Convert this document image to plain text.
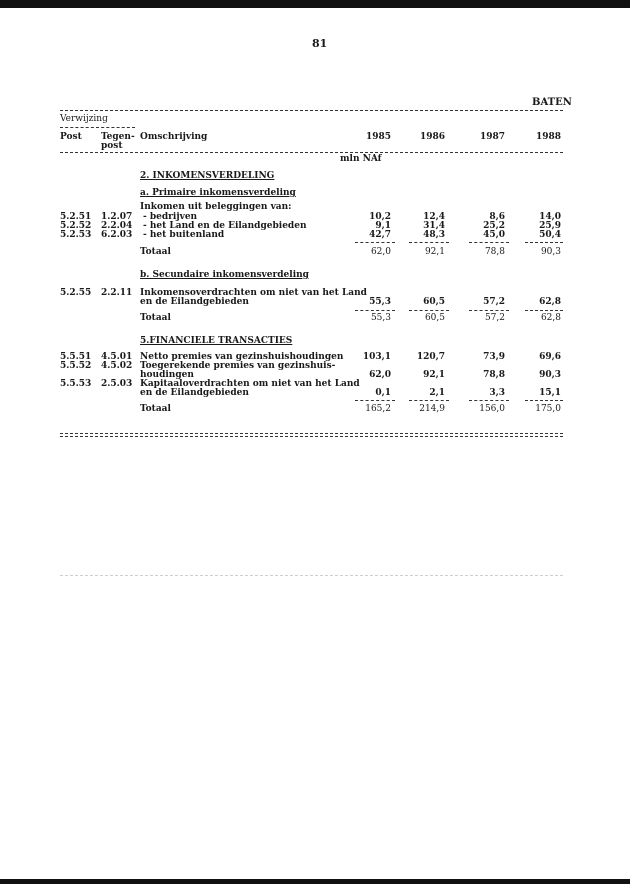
81
BATEN
Verwijzing
Post Tegen-
post
Omschrijving	1985	1986	1987	1988
mln NAf
2. INKOMENSVERDELING
a. Primaire inkomensverdeling
Inkomen uit beleggingen van:
5.2.51 1.2.07 - bedrijven	10,2	12,4	8,6	14,0
5.2.52 2.2.04 - het Land en de Eilandgebieden	9,1	31,4	25,2	25,9
5.2.53 6.2.03 - het buitenland	42,7	48,3	45,0	50,4
Totaal	62,0	92,1	78,8	90,3
b. Secundaire inkomensverdeling
5.2.55 2.2.11 Inkomensoverdrachten om niet van het Land
en de Eilandgebieden	55,3	60,5	57,2	62,8
Totaal	55,3	60,5	57,2	62,8
5.FINANCIELE TRANSACTIES
5.5.51 4.5.01 Netto premies van gezinshuishoudingen	103,1	120,7	73,9	69,6
5.5.52 4.5.02 Toegerekende premies van gezinshuis-
houdingen	62,0	92,1	78,8	90,3
5.5.53 2.5.03 Kapitaaloverdrachten om niet van het Land
en de Eilandgebieden	0,1	2,1	3,3	15,1
Totaal	165,2	214,9	156,0	175,0
